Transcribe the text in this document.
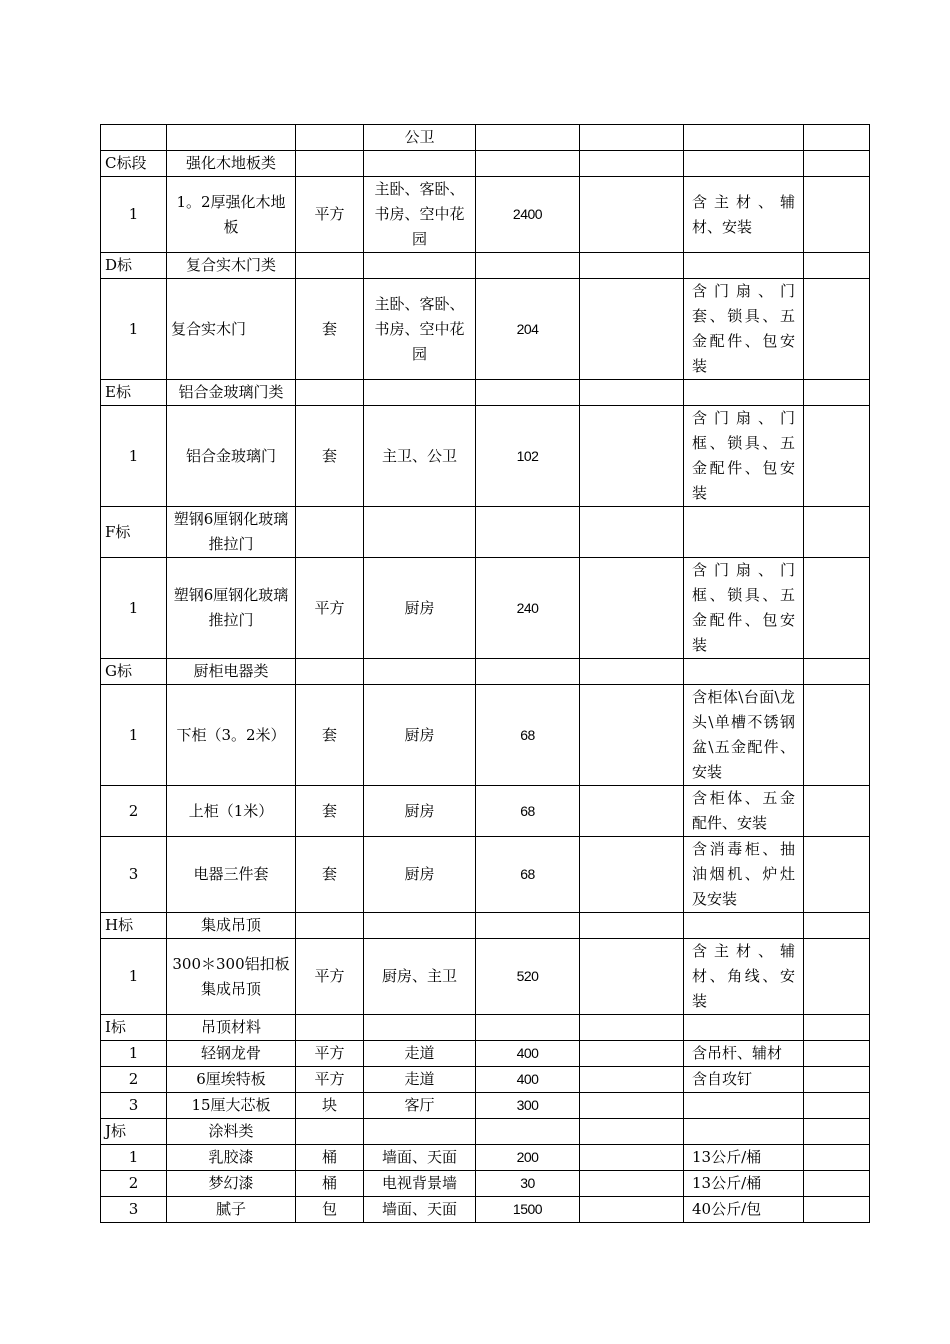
			公卫				
C标段	强化木地板类						
1	1。2厚强化木地板	平方	主卧、客卧、书房、空中花园	2400		含主材、辅材、安装	
D标	复合实木门类						
1	复合实木门	套	主卧、客卧、书房、空中花园	204		含门扇、门套、锁具、五金配件、包安装	
E标	铝合金玻璃门类						
1	铝合金玻璃门	套	主卫、公卫	102		含门扇、门框、锁具、五金配件、包安装	
F标	塑钢6厘钢化玻璃推拉门						
1	塑钢6厘钢化玻璃推拉门	平方	厨房	240		含门扇、门框、锁具、五金配件、包安装	
G标	厨柜电器类						
1	下柜（3。2米）	套	厨房	68		含柜体\台面\龙头\单槽不锈钢盆\五金配件、安装	
2	上柜（1米）	套	厨房	68		含柜体、五金配件、安装	
3	电器三件套	套	厨房	68		含消毒柜、抽油烟机、炉灶及安装	
H标	集成吊顶						
1	300＊300铝扣板集成吊顶	平方	厨房、主卫	520		含主材、辅材、角线、安装	
I标	吊顶材料						
1	轻钢龙骨	平方	走道	400		含吊杆、辅材	
2	6厘埃特板	平方	走道	400		含自攻钉	
3	15厘大芯板	块	客厅	300			
J标	涂料类						
1	乳胶漆	桶	墙面、天面	200		13公斤/桶	
2	梦幻漆	桶	电视背景墙	30		13公斤/桶	
3	腻子	包	墙面、天面	1500		40公斤/包	
